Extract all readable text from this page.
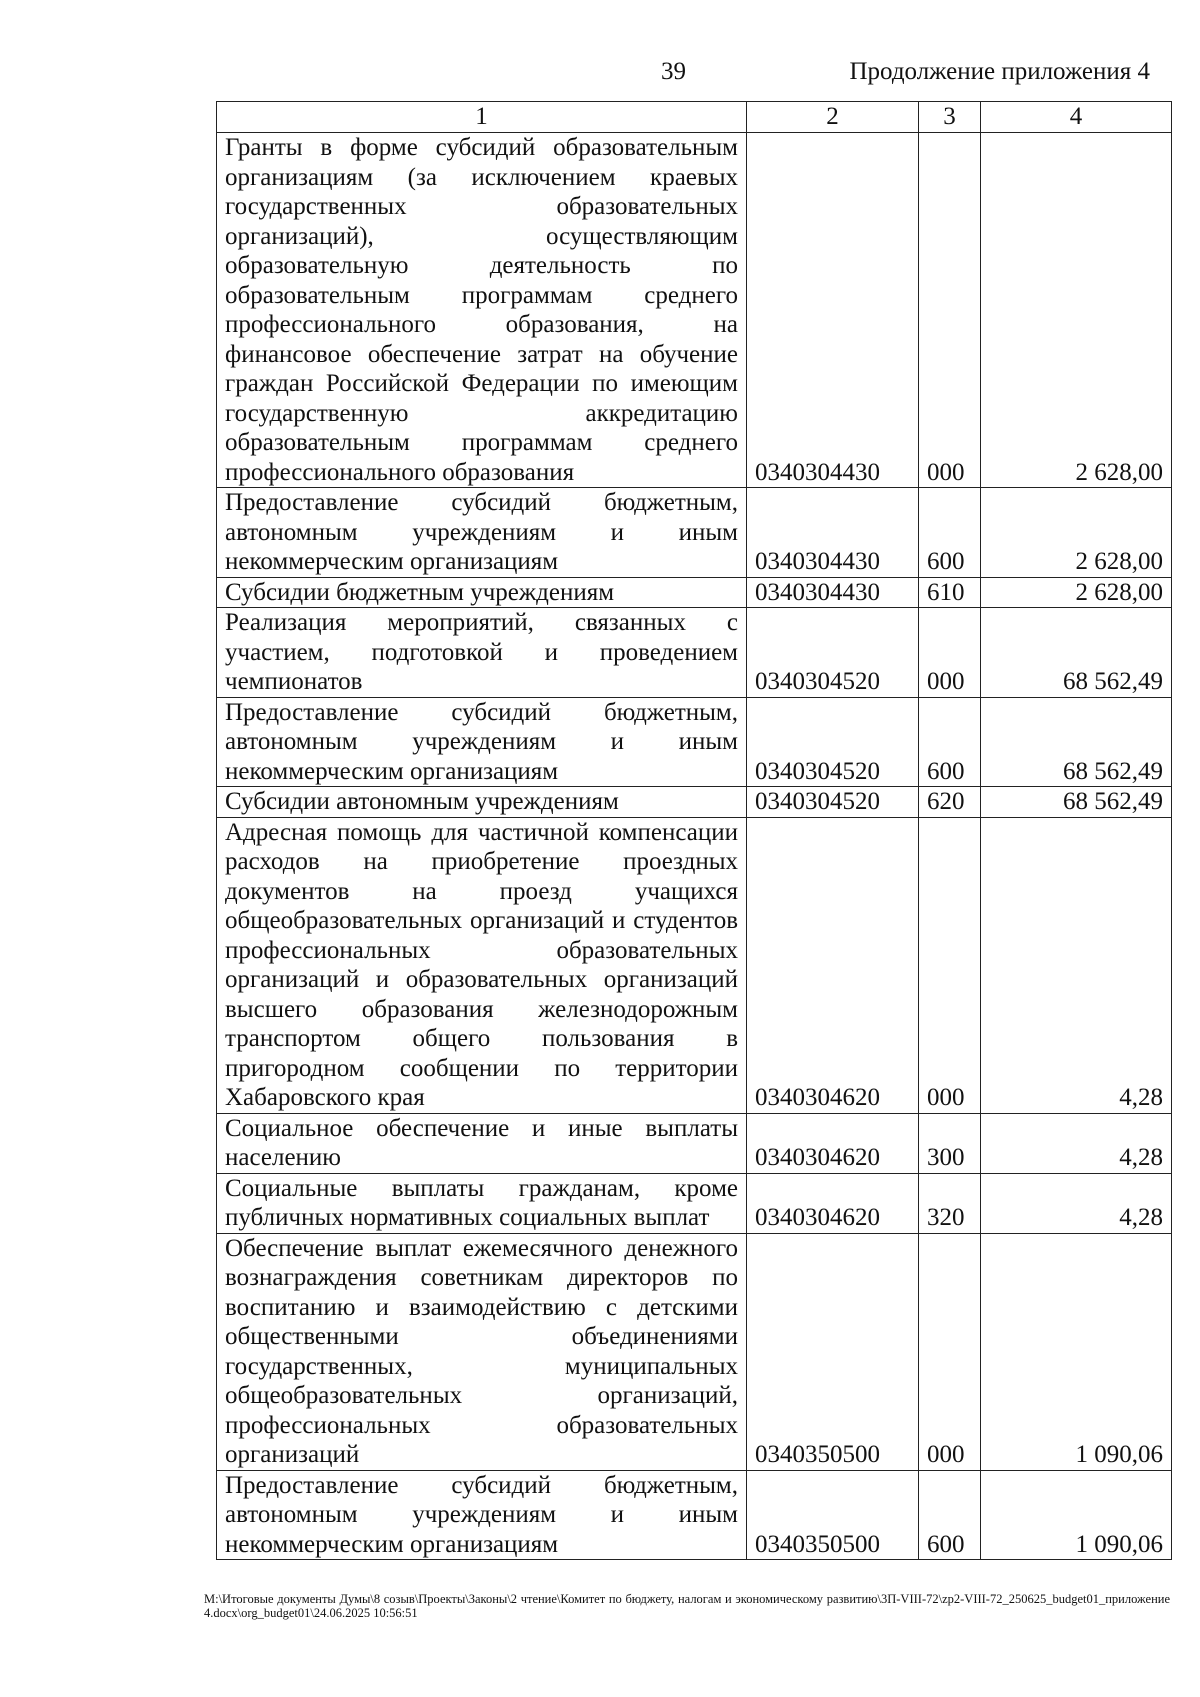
39	Продолжение приложения 4
1	2	3	4
Гранты в форме субсидий образовательным организациям (за исключением краевых государственных образовательных организаций), осуществляющим образовательную деятельность по образовательным программам среднего профессионального образования, на финансовое обеспечение затрат на обучение граждан Российской Федерации по имеющим государственную аккредитацию образовательным программам среднего профессионального образования	0340304430	000	2 628,00
Предоставление субсидий бюджетным, автономным учреждениям и иным некоммерческим организациям	0340304430	600	2 628,00
Субсидии бюджетным учреждениям	0340304430	610	2 628,00
Реализация мероприятий, связанных с участием, подготовкой и проведением чемпионатов	0340304520	000	68 562,49
Предоставление субсидий бюджетным, автономным учреждениям и иным некоммерческим организациям	0340304520	600	68 562,49
Субсидии автономным учреждениям	0340304520	620	68 562,49
Адресная помощь для частичной компенсации расходов на приобретение проездных документов на проезд учащихся общеобразовательных организаций и студентов профессиональных образовательных организаций и образовательных организаций высшего образования железнодорожным транспортом общего пользования в пригородном сообщении по территории Хабаровского края	0340304620	000	4,28
Социальное обеспечение и иные выплаты населению	0340304620	300	4,28
Социальные выплаты гражданам, кроме публичных нормативных социальных выплат	0340304620	320	4,28
Обеспечение выплат ежемесячного денежного вознаграждения советникам директоров по воспитанию и взаимодействию с детскими общественными объединениями государственных, муниципальных общеобразовательных организаций, профессиональных образовательных организаций	0340350500	000	1 090,06
Предоставление субсидий бюджетным, автономным учреждениям и иным некоммерческим организациям	0340350500	600	1 090,06
M:\Итоговые документы Думы\8 созыв\Проекты\Законы\2 чтение\Комитет по бюджету, налогам и экономическому развитию\3П-VIII-72\zp2-VIII-72_250625_budget01_приложение4.docx\org_budget01\24.06.2025 10:56:51
